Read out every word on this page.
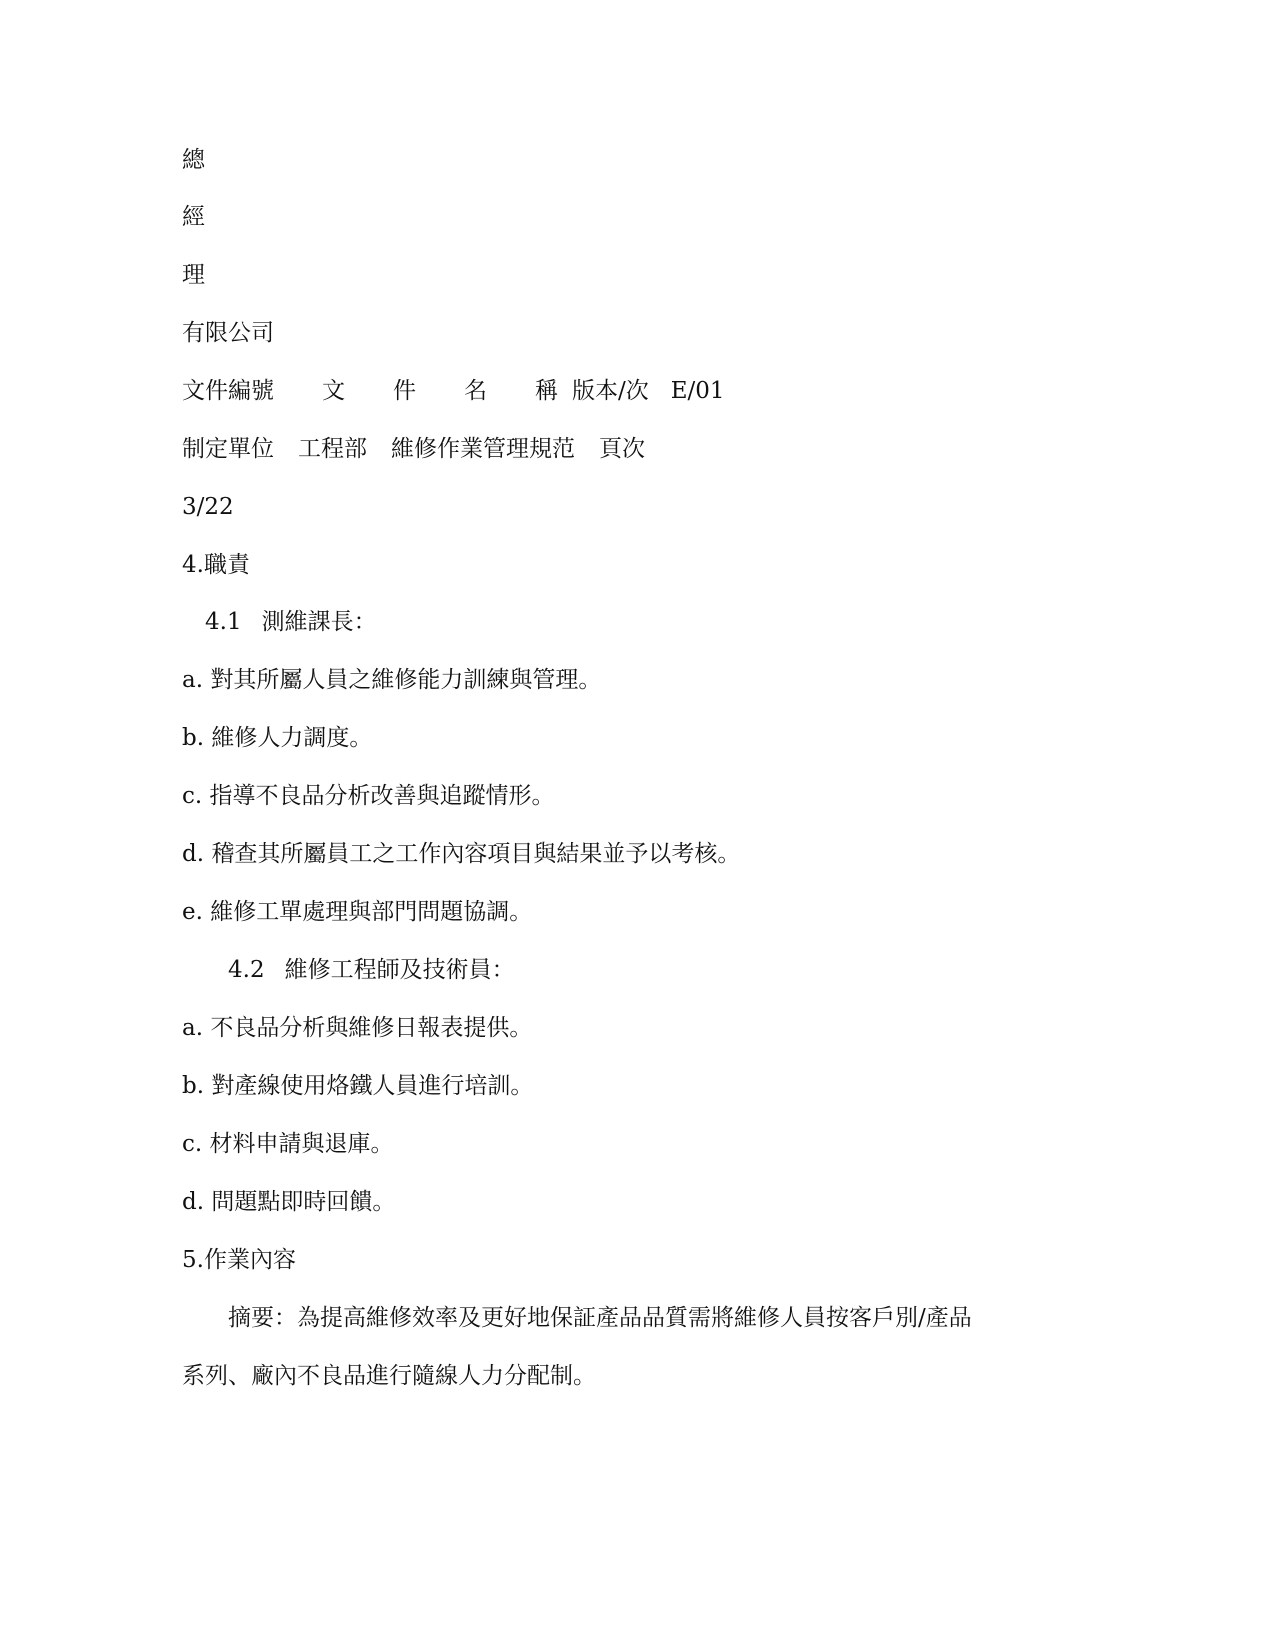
總
經
理
有限公司
文件編號 文 件 名 稱 版本/次 E/01
制定單位 工程部 維修作業管理規范 頁次
3/22
4.職責
4.1 測維課長：
a. 對其所屬人員之維修能力訓練與管理。
b. 維修人力調度。
c. 指導不良品分析改善與追蹤情形。
d. 稽查其所屬員工之工作內容項目與結果並予以考核。
e. 維修工單處理與部門問題協調。
4.2 維修工程師及技術員：
a. 不良品分析與維修日報表提供。
b. 對產線使用烙鐵人員進行培訓。
c. 材料申請與退庫。
d. 問題點即時回饋。
5.作業內容
摘要：為提高維修效率及更好地保証產品品質需將維修人員按客戶別/產品
系列、廠內不良品進行隨線人力分配制。
